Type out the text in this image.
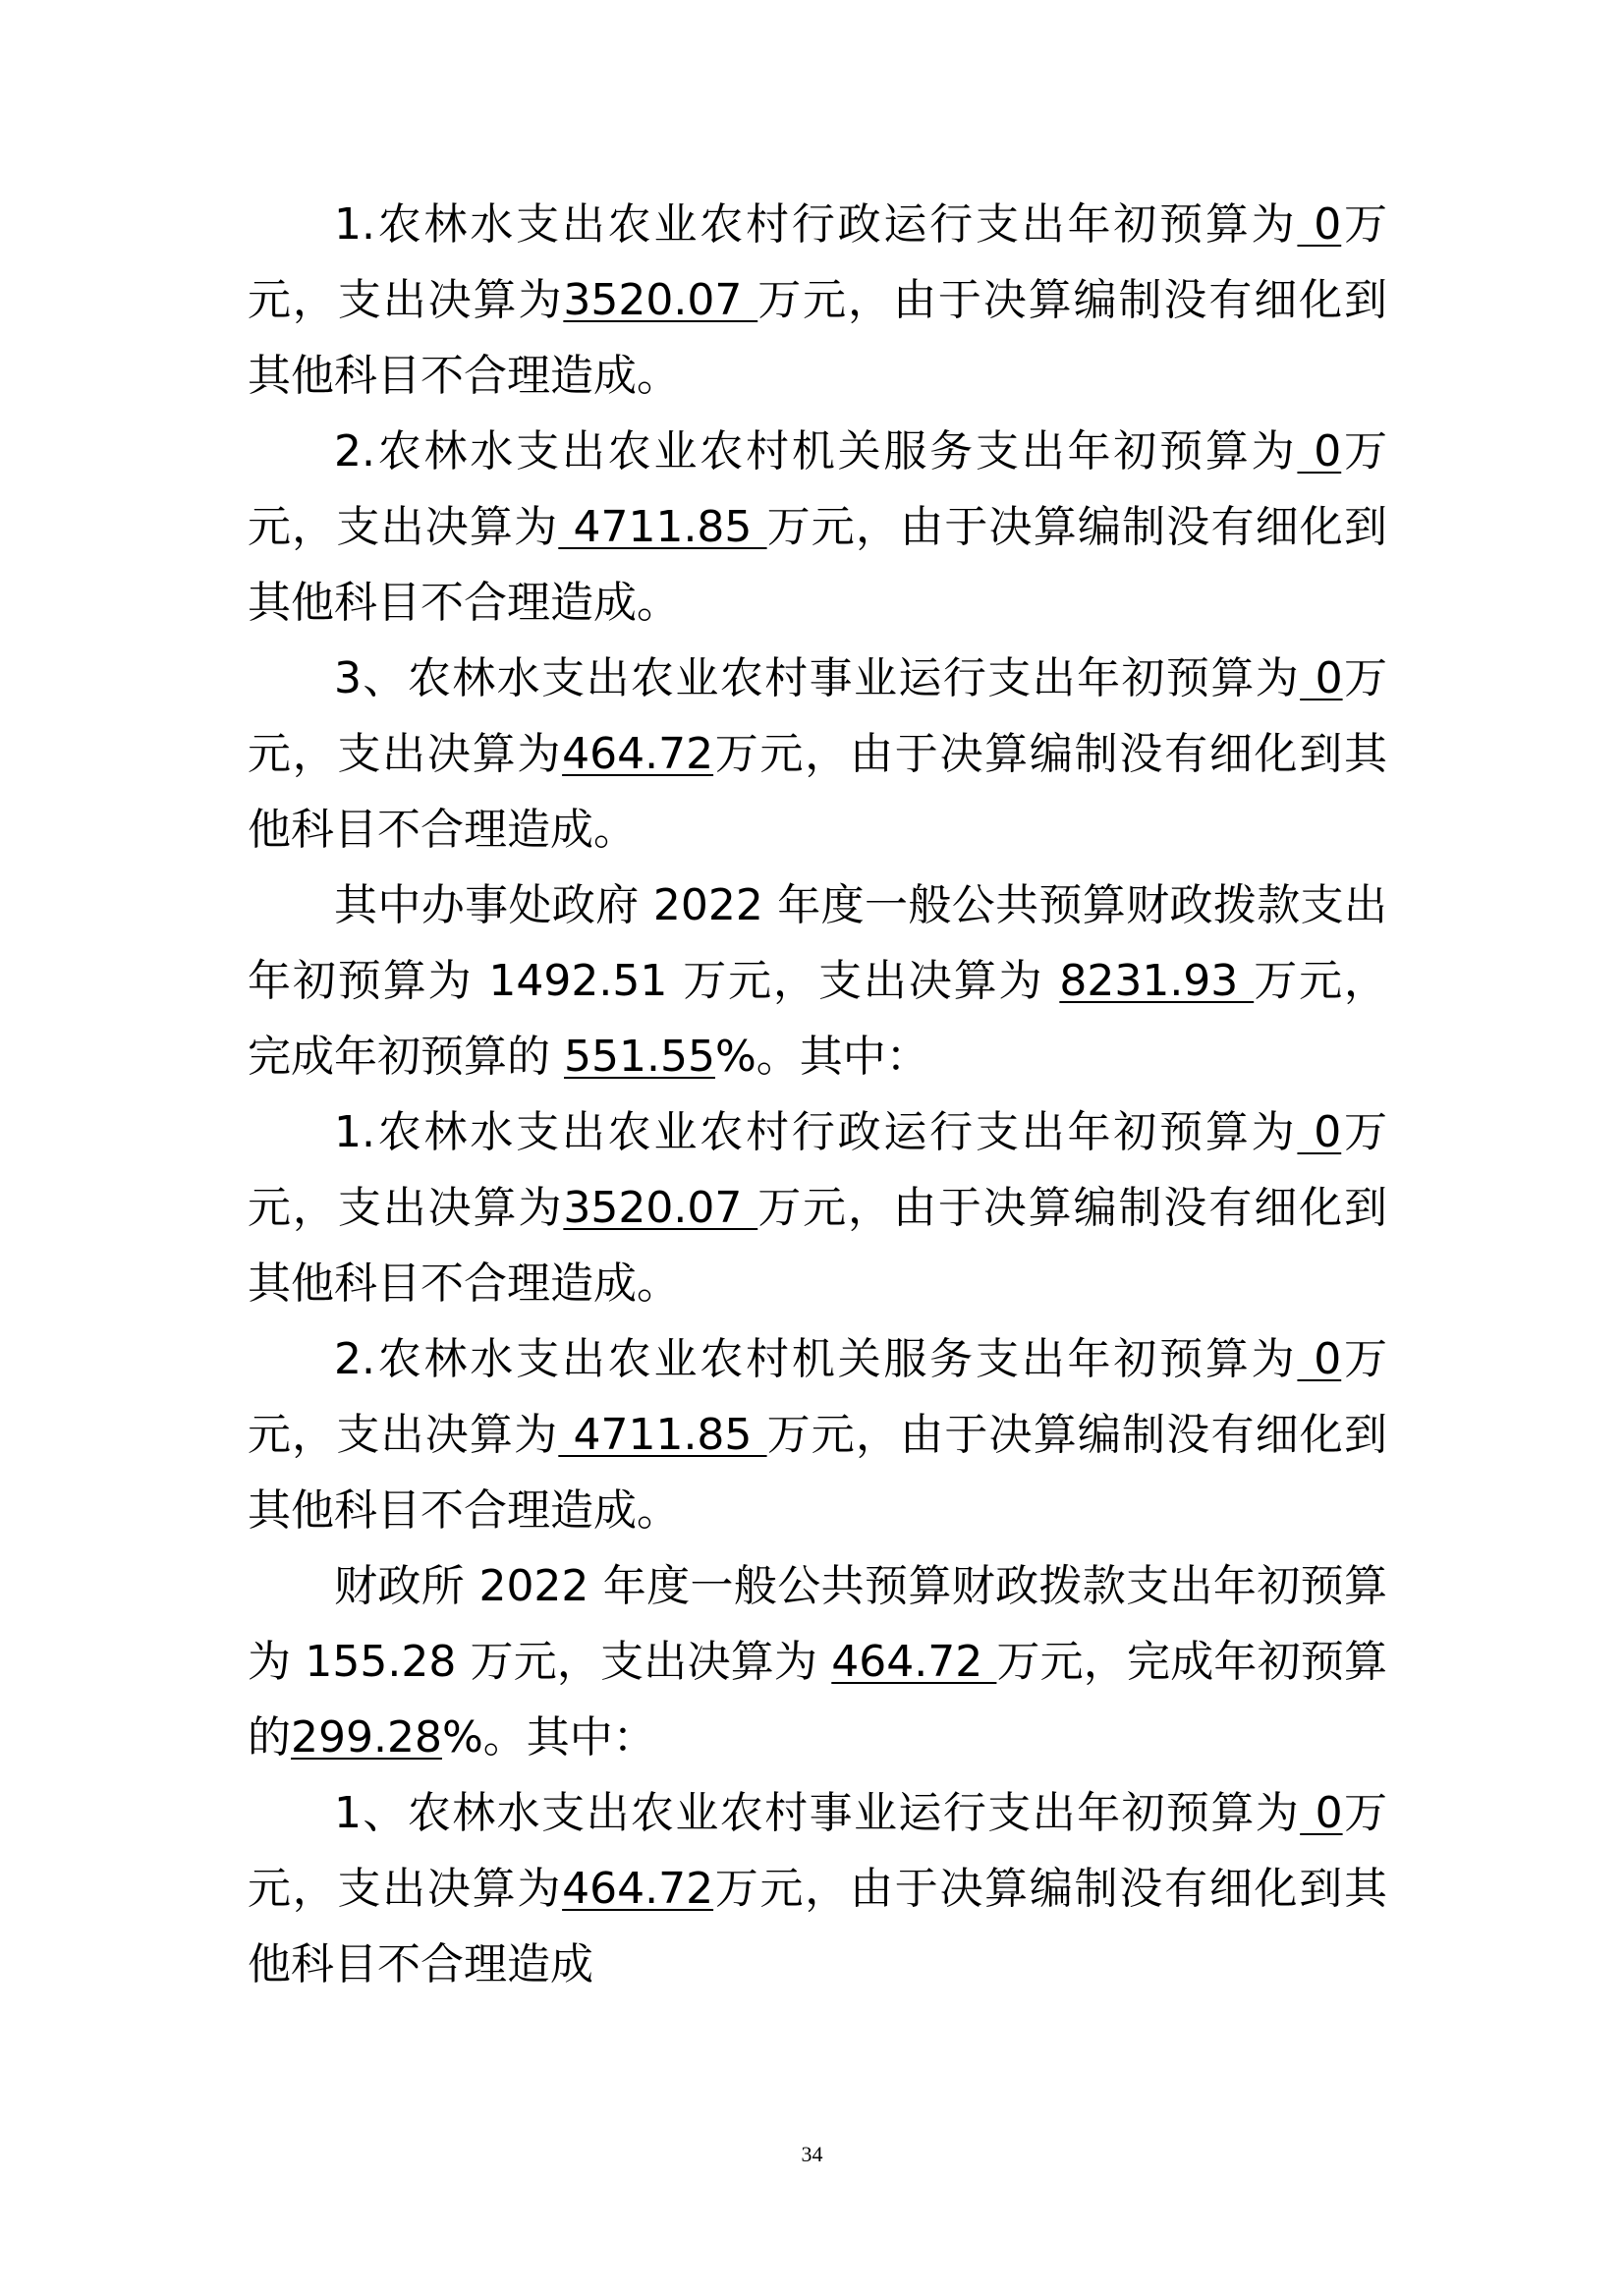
1.农林水支出农业农村行政运行支出年初预算为 0万元，支出决算为3520.07 万元，由于决算编制没有细化到其他科目不合理造成。

2.农林水支出农业农村机关服务支出年初预算为 0万元，支出决算为 4711.85 万元，由于决算编制没有细化到其他科目不合理造成。

3、农林水支出农业农村事业运行支出年初预算为 0万元，支出决算为464.72万元，由于决算编制没有细化到其他科目不合理造成。

其中办事处政府 2022 年度一般公共预算财政拨款支出年初预算为 1492.51 万元，支出决算为 8231.93 万元，完成年初预算的 551.55%。其中：

1.农林水支出农业农村行政运行支出年初预算为 0万元，支出决算为3520.07 万元，由于决算编制没有细化到其他科目不合理造成。

2.农林水支出农业农村机关服务支出年初预算为 0万元，支出决算为 4711.85 万元，由于决算编制没有细化到其他科目不合理造成。

财政所 2022 年度一般公共预算财政拨款支出年初预算为 155.28 万元，支出决算为 464.72 万元，完成年初预算的299.28%。其中：

1、农林水支出农业农村事业运行支出年初预算为 0万元，支出决算为464.72万元，由于决算编制没有细化到其他科目不合理造成

34
